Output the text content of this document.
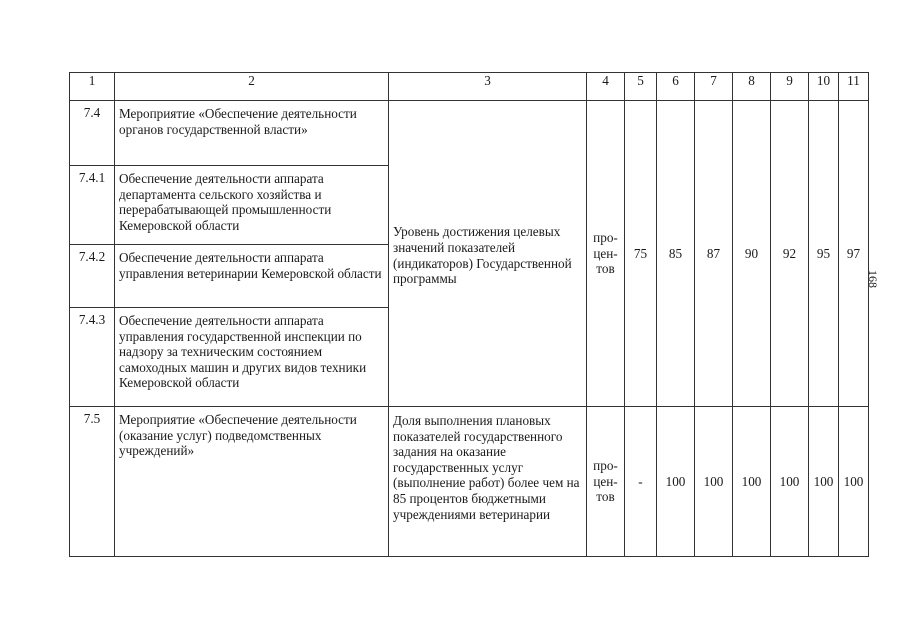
1	2	3	4	5	6	7	8	9	10	11
7.4	Мероприятие «Обеспечение деятельности органов государственной власти»	Уровень достижения целевых значений показателей (индикаторов) Государственной программы	про-цен-тов	75	85	87	90	92	95	97
7.4.1	Обеспечение деятельности аппарата департамента сельского хозяйства и перерабатывающей промышленности Кемеровской области									
7.4.2	Обеспечение деятельности аппарата управления ветеринарии Кемеровской области									
7.4.3	Обеспечение деятельности аппарата управления государственной инспекции по надзору за техническим состоянием самоходных машин и других видов техники Кемеровской области									
7.5	Мероприятие «Обеспечение деятельности (оказание услуг) подведомственных учреждений»	Доля выполнения плановых показателей государственного задания на оказание государственных услуг (выполнение работ) более чем на 85 процентов бюджетными учреждениями ветеринарии	про-цен-тов	-	100	100	100	100	100	100
168
